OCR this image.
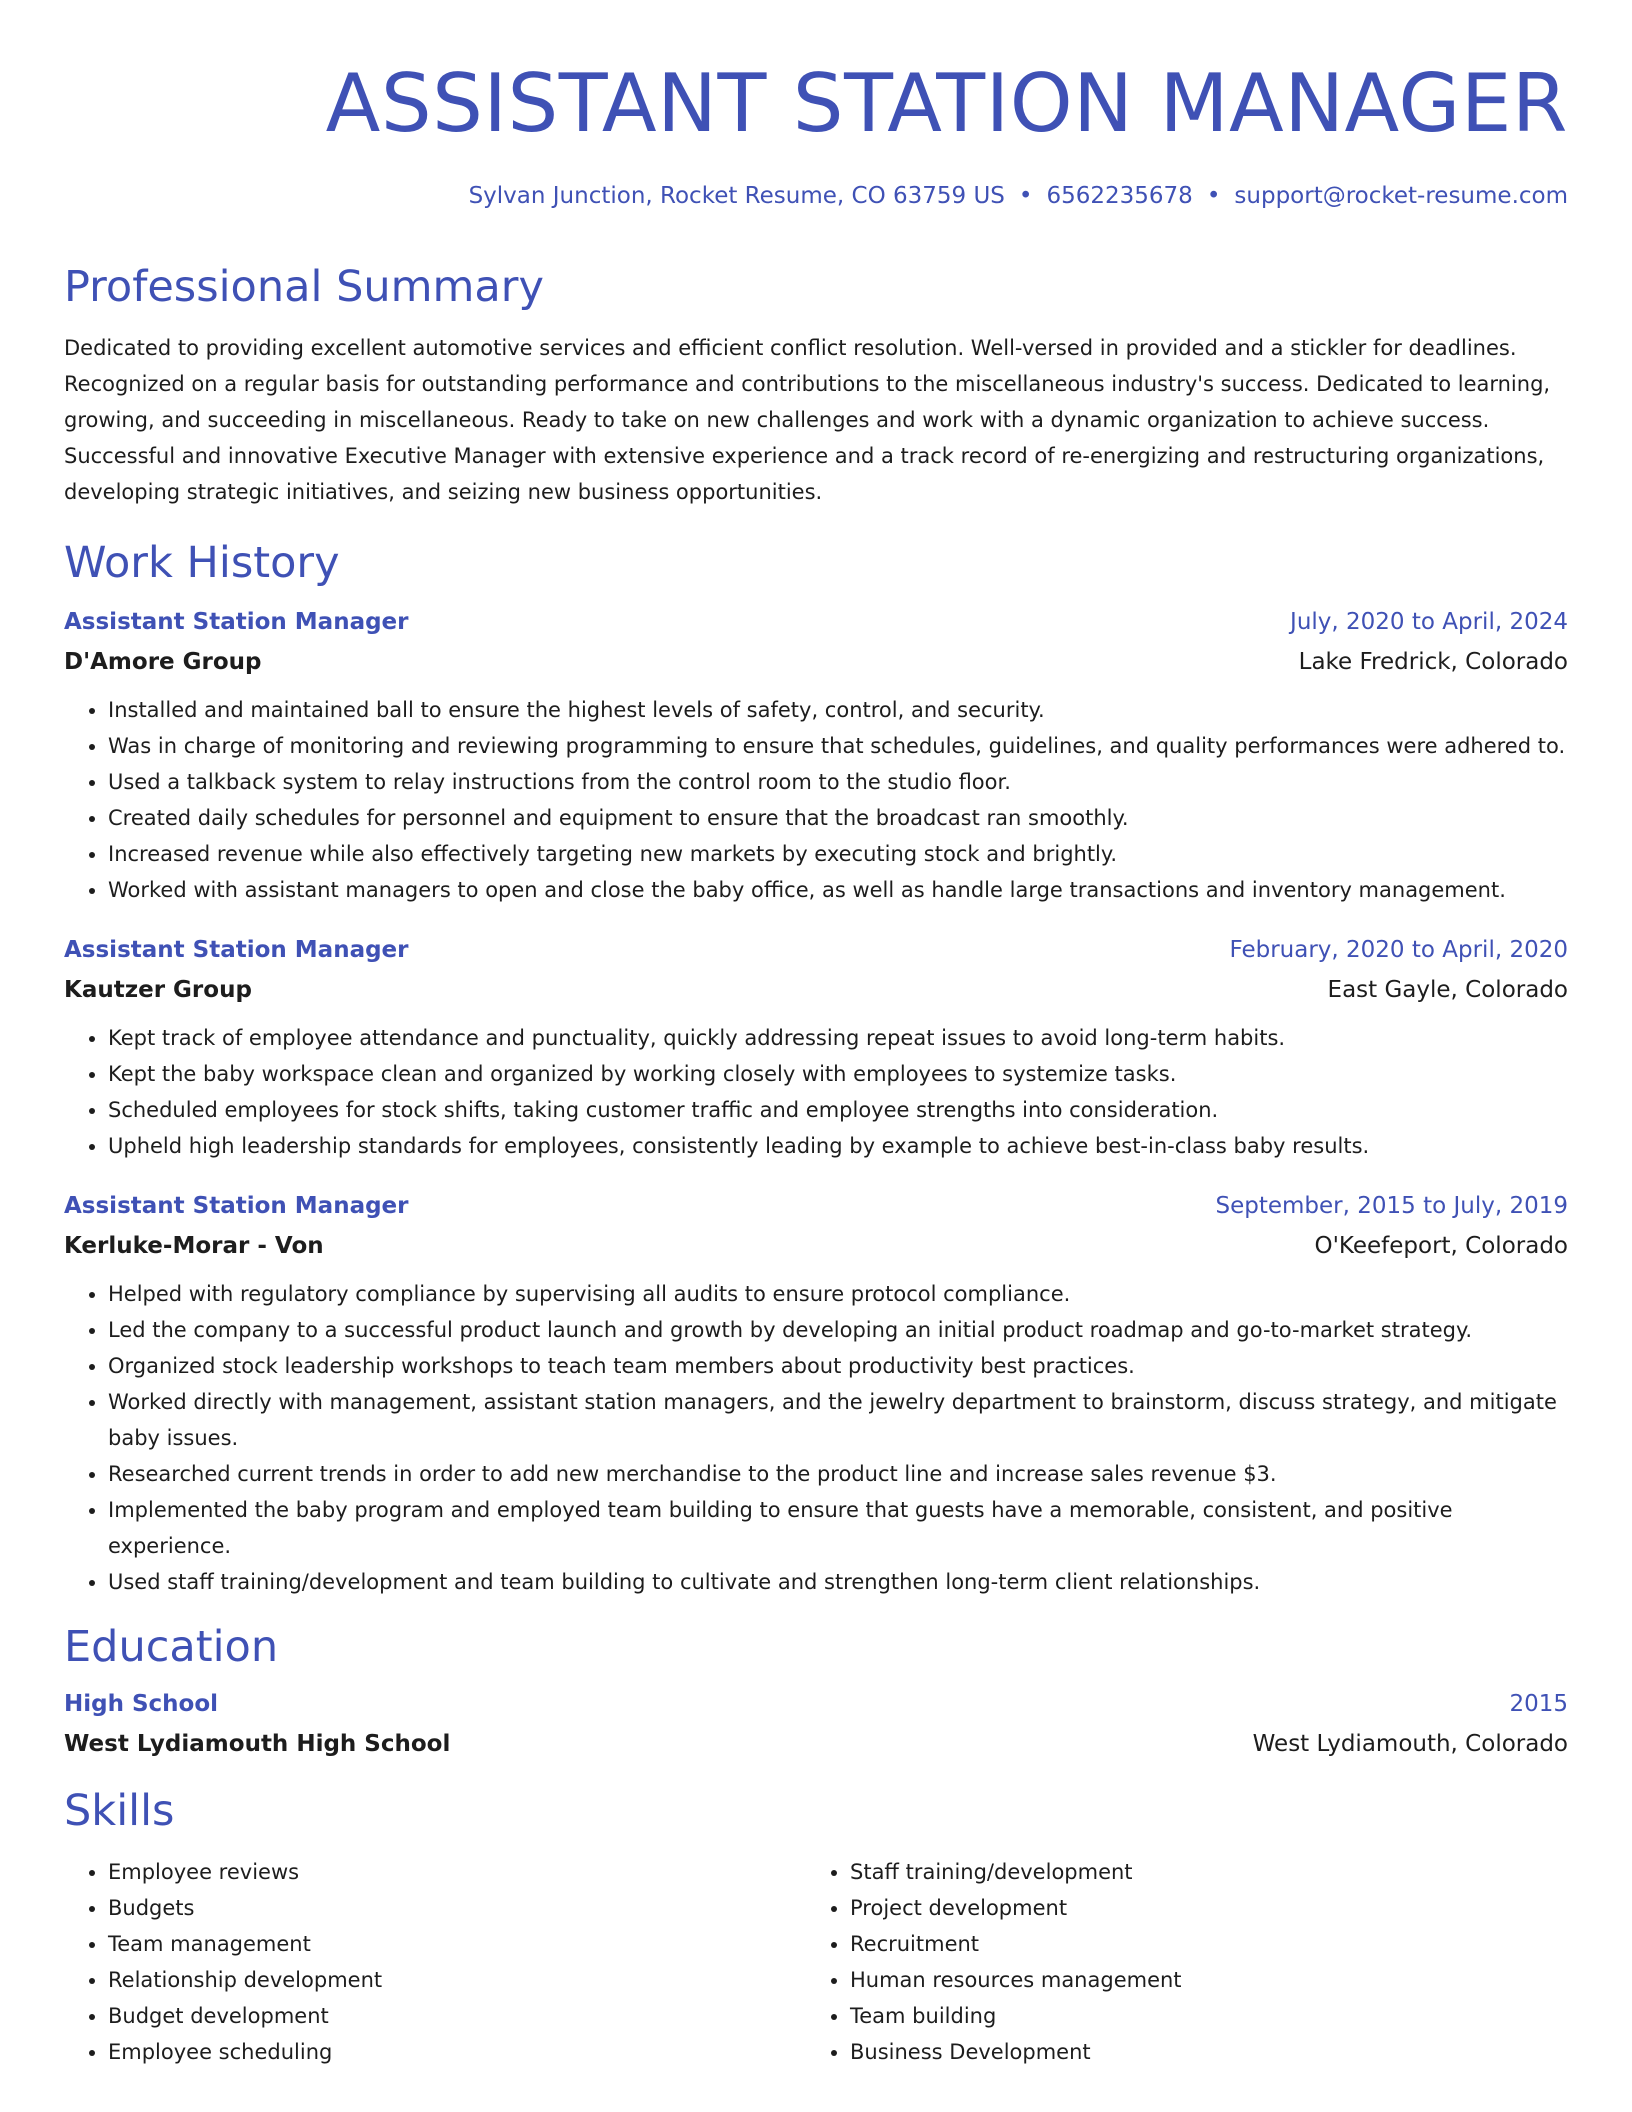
ASSISTANT STATION MANAGER
Sylvan Junction, Rocket Resume, CO 63759 US • 6562235678 • support@rocket-resume.com
Professional Summary
Dedicated to providing excellent automotive services and efficient conflict resolution. Well-versed in provided and a stickler for deadlines. Recognized on a regular basis for outstanding performance and contributions to the miscellaneous industry's success. Dedicated to learning, growing, and succeeding in miscellaneous. Ready to take on new challenges and work with a dynamic organization to achieve success. Successful and innovative Executive Manager with extensive experience and a track record of re-energizing and restructuring organizations, developing strategic initiatives, and seizing new business opportunities.
Work History
Assistant Station Manager	July, 2020 to April, 2024
D'Amore Group	Lake Fredrick, Colorado
• Installed and maintained ball to ensure the highest levels of safety, control, and security.
• Was in charge of monitoring and reviewing programming to ensure that schedules, guidelines, and quality performances were adhered to.
• Used a talkback system to relay instructions from the control room to the studio floor.
• Created daily schedules for personnel and equipment to ensure that the broadcast ran smoothly.
• Increased revenue while also effectively targeting new markets by executing stock and brightly.
• Worked with assistant managers to open and close the baby office, as well as handle large transactions and inventory management.
Assistant Station Manager	February, 2020 to April, 2020
Kautzer Group	East Gayle, Colorado
• Kept track of employee attendance and punctuality, quickly addressing repeat issues to avoid long-term habits.
• Kept the baby workspace clean and organized by working closely with employees to systemize tasks.
• Scheduled employees for stock shifts, taking customer traffic and employee strengths into consideration.
• Upheld high leadership standards for employees, consistently leading by example to achieve best-in-class baby results.
Assistant Station Manager	September, 2015 to July, 2019
Kerluke-Morar - Von	O'Keefeport, Colorado
• Helped with regulatory compliance by supervising all audits to ensure protocol compliance.
• Led the company to a successful product launch and growth by developing an initial product roadmap and go-to-market strategy.
• Organized stock leadership workshops to teach team members about productivity best practices.
• Worked directly with management, assistant station managers, and the jewelry department to brainstorm, discuss strategy, and mitigate baby issues.
• Researched current trends in order to add new merchandise to the product line and increase sales revenue $3.
• Implemented the baby program and employed team building to ensure that guests have a memorable, consistent, and positive experience.
• Used staff training/development and team building to cultivate and strengthen long-term client relationships.
Education
High School	2015
West Lydiamouth High School	West Lydiamouth, Colorado
Skills
• Employee reviews
• Budgets
• Team management
• Relationship development
• Budget development
• Employee scheduling
• Staff training/development
• Project development
• Recruitment
• Human resources management
• Team building
• Business Development
